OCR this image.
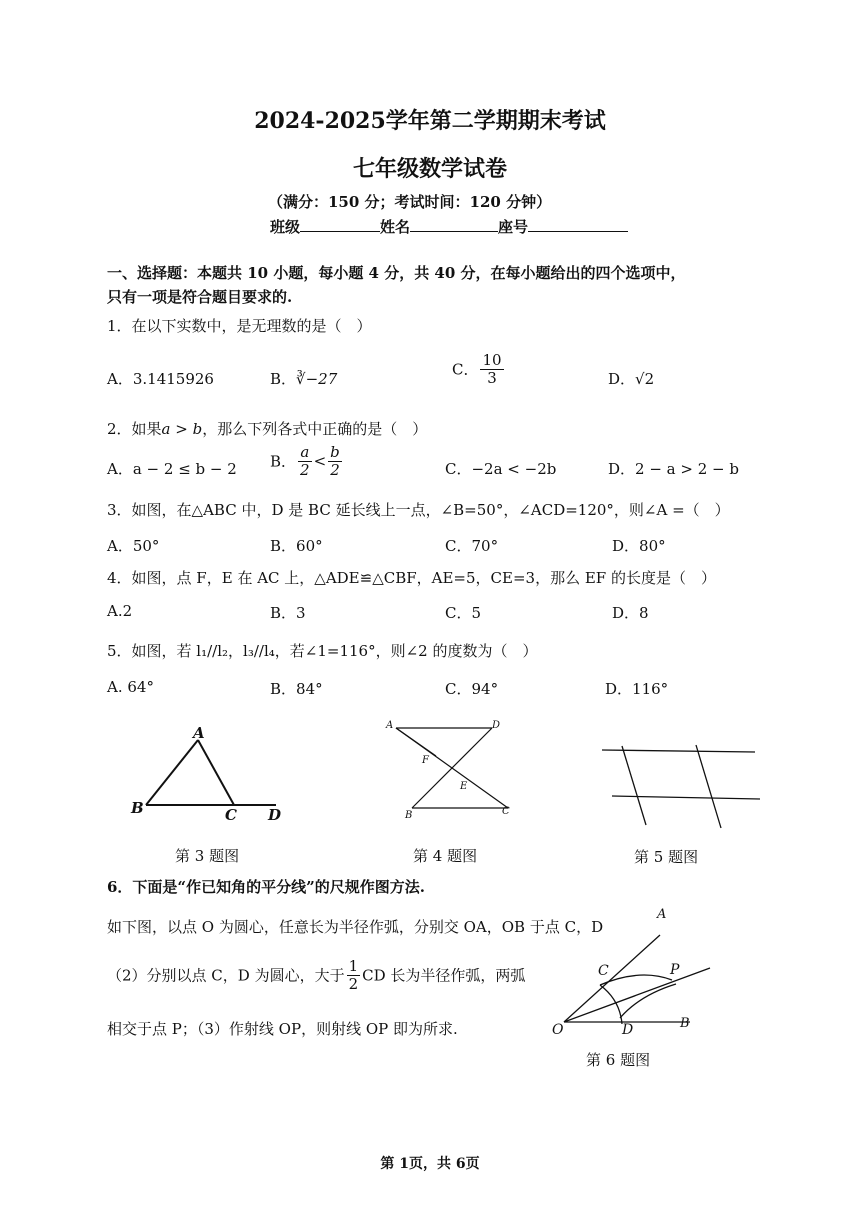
2024-2025学年第二学期期末考试
七年级数学试卷
（满分：150 分；考试时间：120 分钟）
班级	姓名	座号
一、选择题：本题共 10 小题，每小题 4 分，共 40 分，在每小题给出的四个选项中，
只有一项是符合题目要求的.
1．在以下实数中，是无理数的是（　）
A．3.1415926	B．∛−27
C． $\frac{10}{3}$	D．√2
2．如果a > b，那么下列各式中正确的是（　）
A．a − 2 ≤ b − 2 B． $\frac{a}{2} < \frac{b}{2}$	C．−2a < −2b	D．2 − a > 2 − b
3．如图，在△ABC 中，D 是 BC 延长线上一点，∠B=50°，∠ACD=120°，则∠A =（　）
A．50°	B．60°	C．70°	D．80°
4．如图，点 F，E 在 AC 上，△ADE≌△CBF，AE=5，CE=3，那么 EF 的长度是（　）
A.2	B．3	C．5	D．8
5．如图，若 l₁//l₂，l₃//l₄，若∠1=116°，则∠2 的度数为（　）
A. 64°	B．84°	C．94°	D．116°
A
B	C D
A	D
F
E
B	C
A
C	P
O	D	B
第 3 题图	第 4 题图	第 5 题图
第 6 题图
6．下面是“作已知角的平分线”的尺规作图方法.
如下图，以点 O 为圆心，任意长为半径作弧，分别交 OA，OB 于点 C，D
（2）分别以点 C，D 为圆心，大于 $\frac{1}{2}$ CD 长为半径作弧，两弧
相交于点 P；（3）作射线 OP，则射线 OP 即为所求.
第 1页，共 6页
